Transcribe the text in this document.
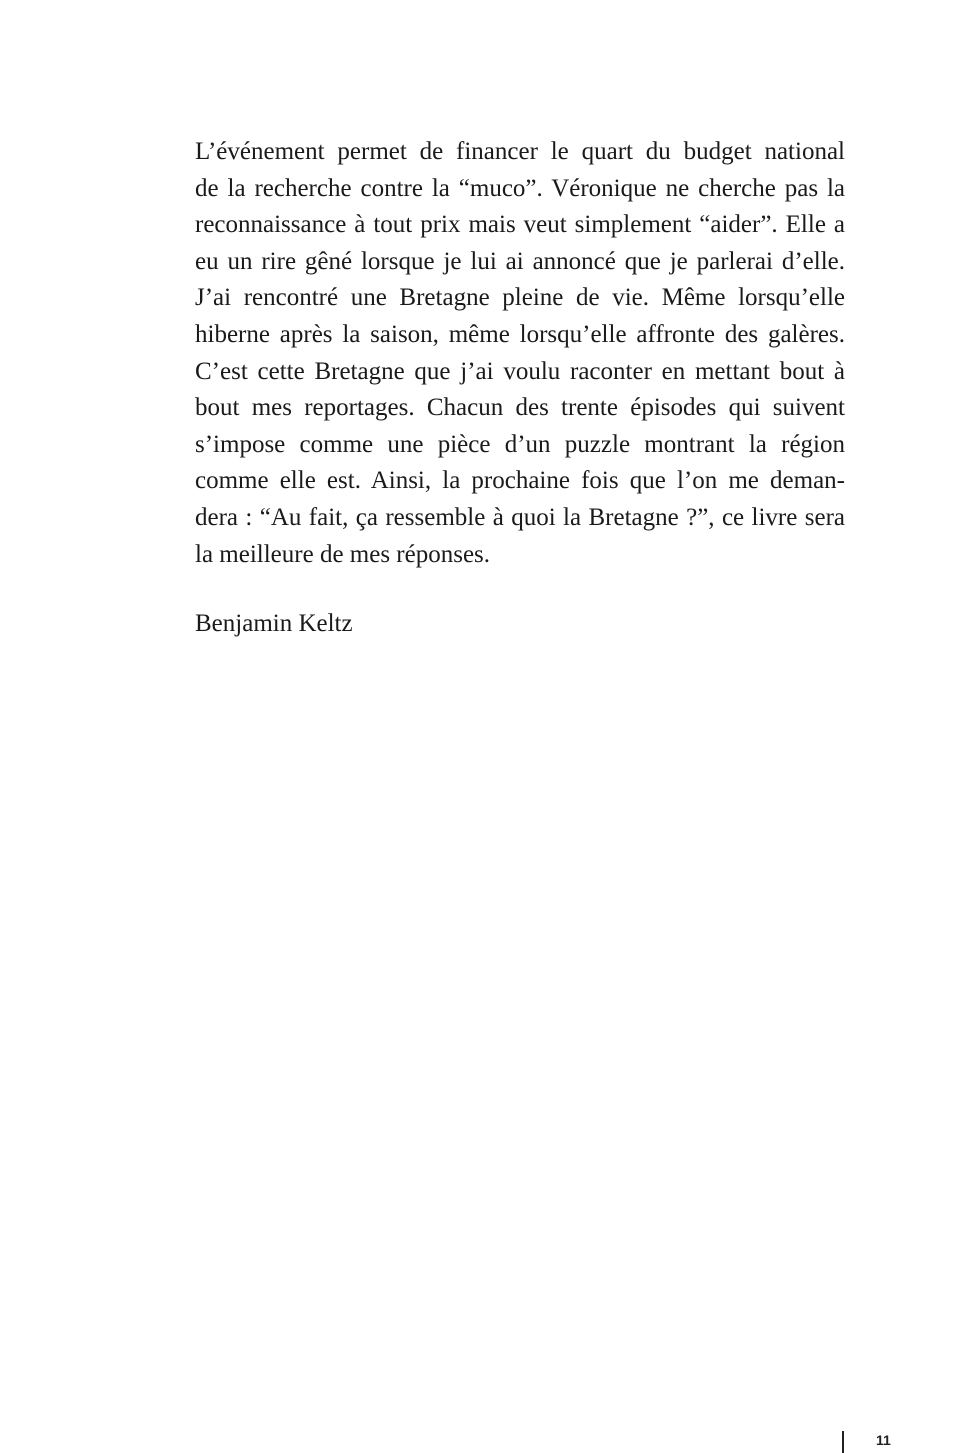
L’événement permet de financer le quart du budget national
de la recherche contre la “muco”. Véronique ne cherche pas la
reconnaissance à tout prix mais veut simplement “aider”. Elle a
eu un rire gêné lorsque je lui ai annoncé que je parlerai d’elle.
J’ai rencontré une Bretagne pleine de vie. Même lorsqu’elle
hiberne après la saison, même lorsqu’elle affronte des galères.
C’est cette Bretagne que j’ai voulu raconter en mettant bout à
bout mes reportages. Chacun des trente épisodes qui suivent
s’impose comme une pièce d’un puzzle montrant la région
comme elle est. Ainsi, la prochaine fois que l’on me deman-
dera : “Au fait, ça ressemble à quoi la Bretagne ?”, ce livre sera
la meilleure de mes réponses.
Benjamin Keltz
11
